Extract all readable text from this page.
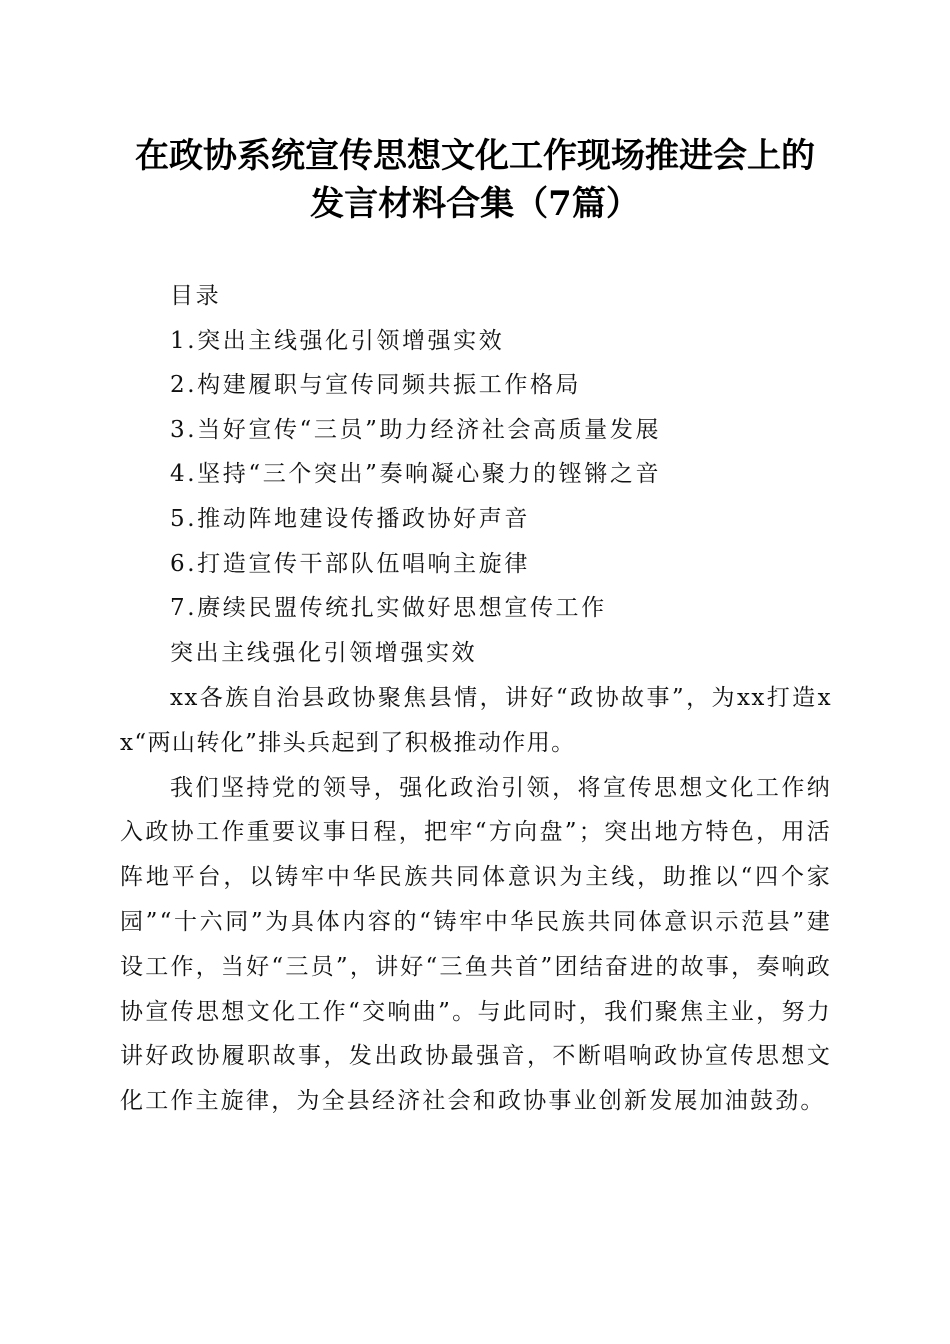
在政协系统宣传思想文化工作现场推进会上的
发言材料合集（7篇）
目录
1.突出主线强化引领增强实效
2.构建履职与宣传同频共振工作格局
3.当好宣传“三员”助力经济社会高质量发展
4.坚持“三个突出”奏响凝心聚力的铿锵之音
5.推动阵地建设传播政协好声音
6.打造宣传干部队伍唱响主旋律
7.赓续民盟传统扎实做好思想宣传工作
突出主线强化引领增强实效

xx各族自治县政协聚焦县情，讲好“政协故事”，为xx打造xx“两山转化”排头兵起到了积极推动作用。

我们坚持党的领导，强化政治引领，将宣传思想文化工作纳入政协工作重要议事日程，把牢“方向盘”；突出地方特色，用活阵地平台，以铸牢中华民族共同体意识为主线，助推以“四个家园”“十六同”为具体内容的“铸牢中华民族共同体意识示范县”建设工作，当好“三员”，讲好“三鱼共首”团结奋进的故事，奏响政协宣传思想文化工作“交响曲”。与此同时，我们聚焦主业，努力讲好政协履职故事，发出政协最强音，不断唱响政协宣传思想文化工作主旋律，为全县经济社会和政协事业创新发展加油鼓劲。
